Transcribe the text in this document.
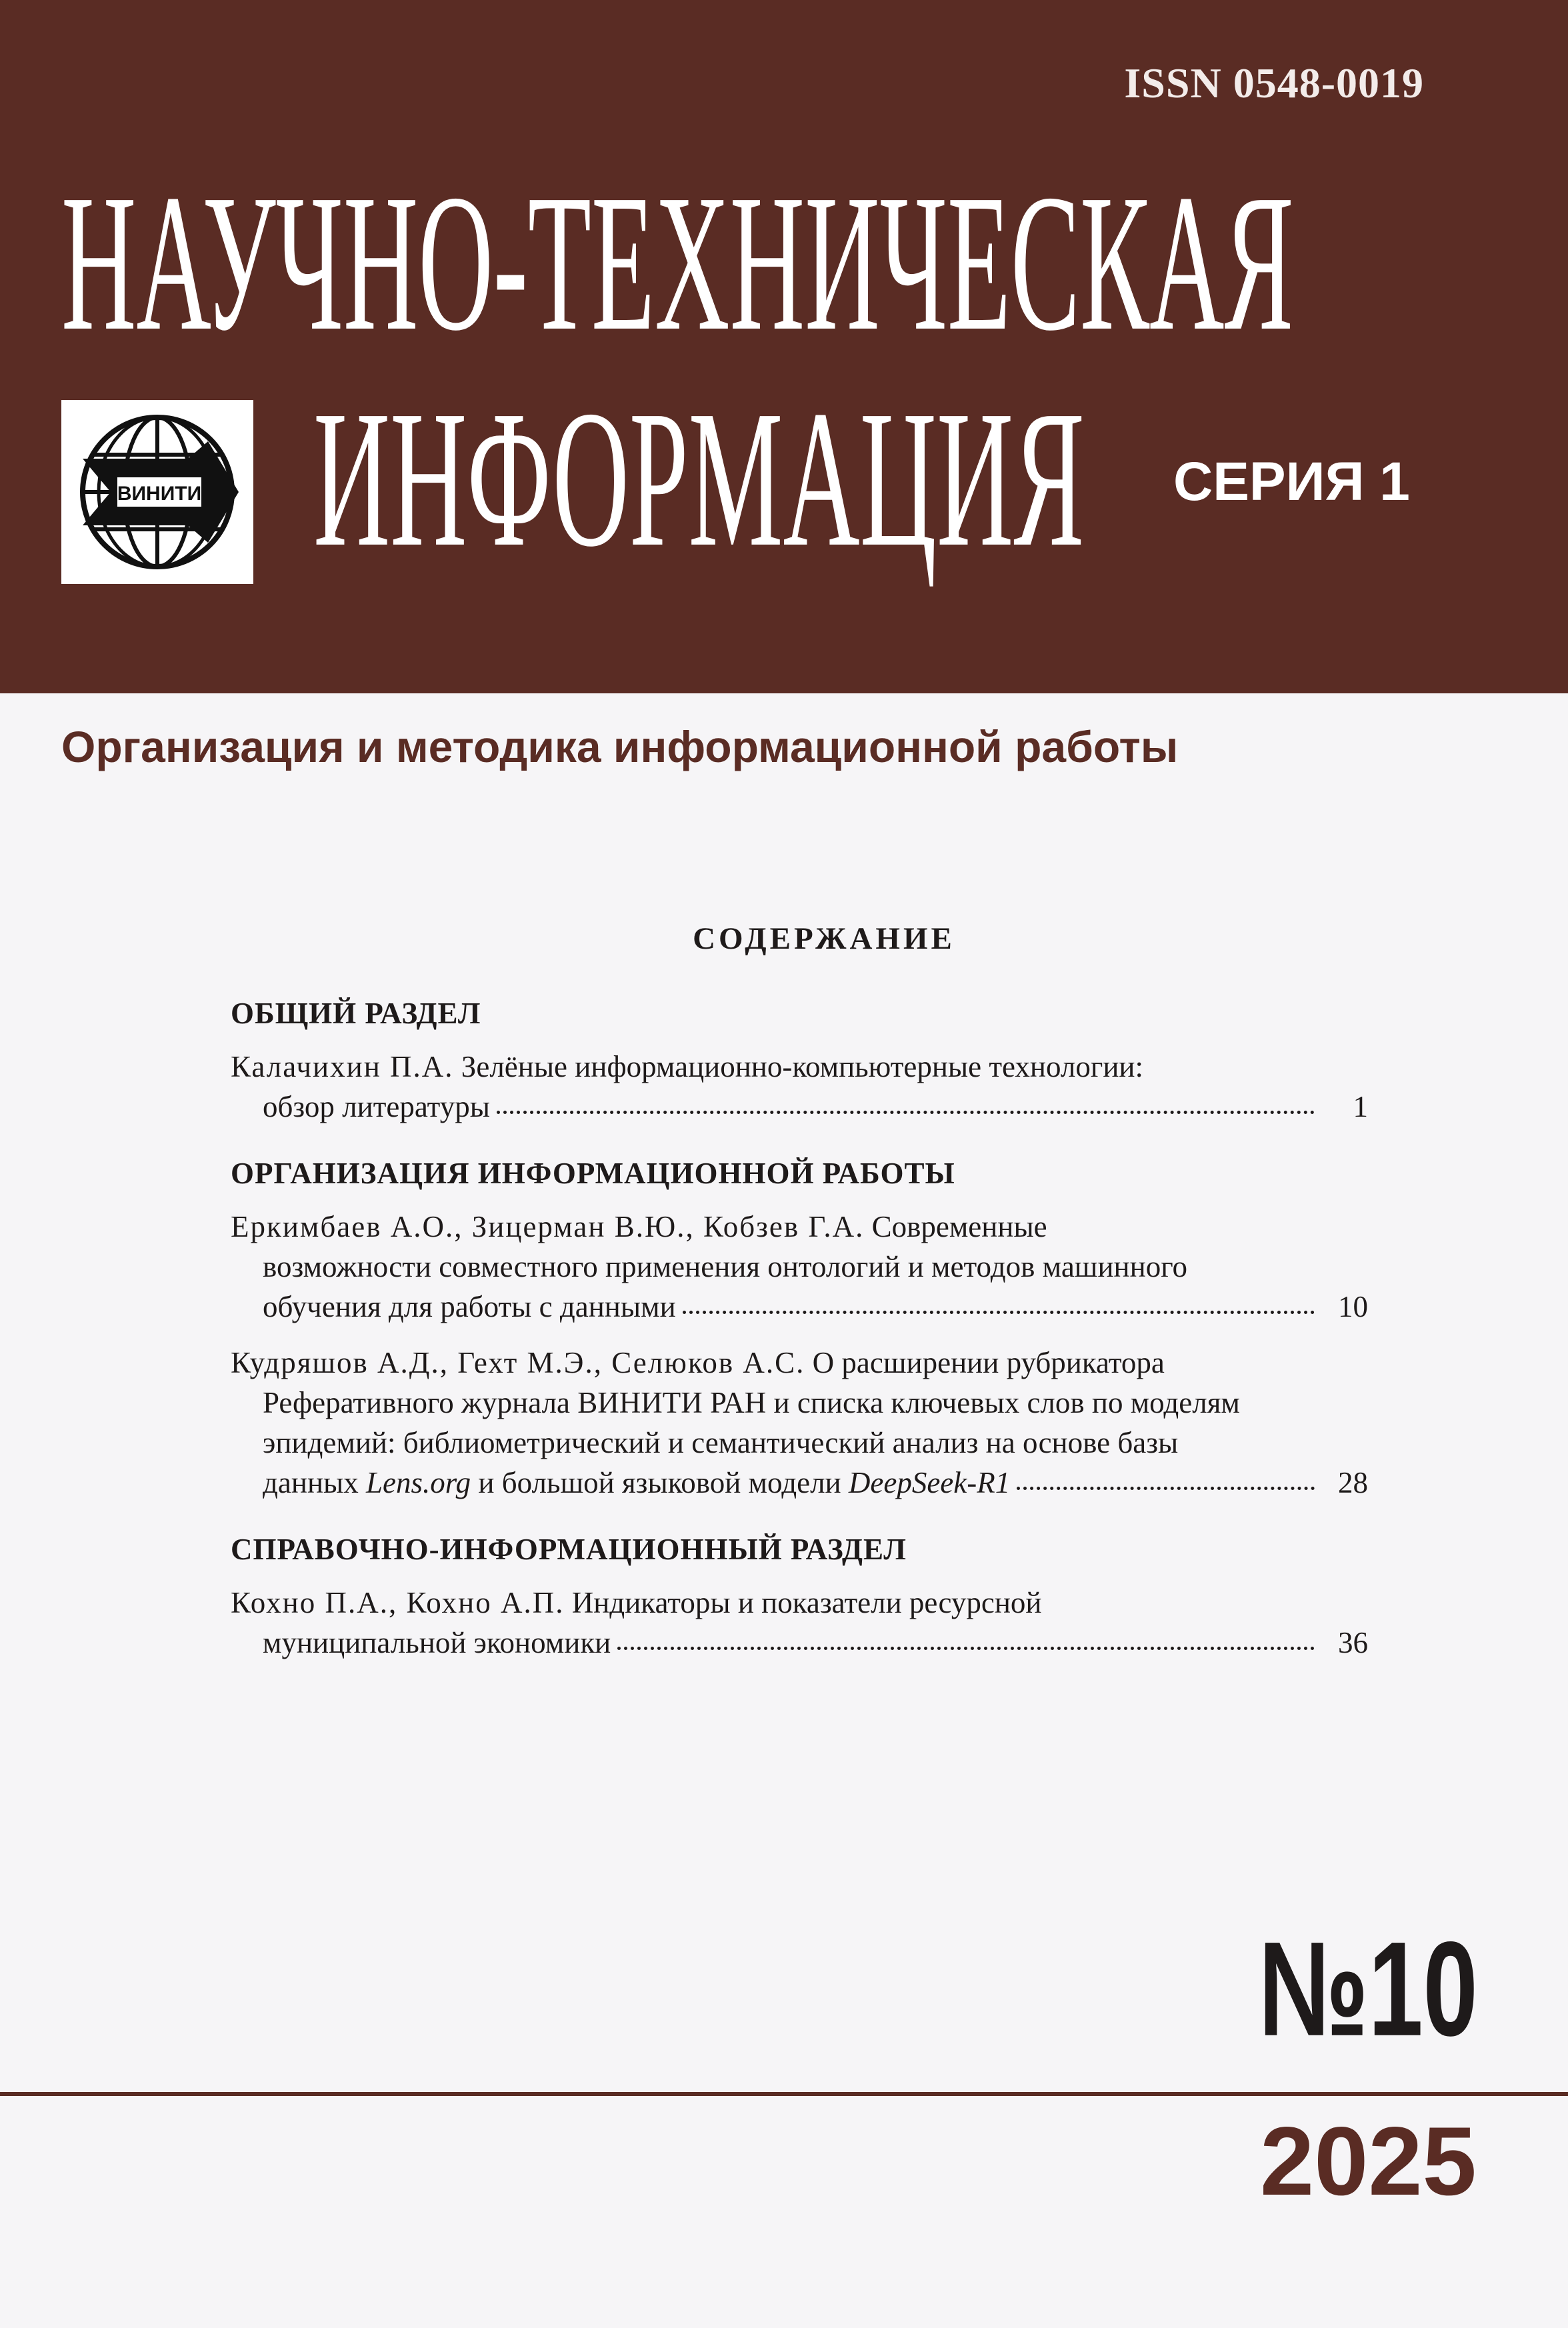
ISSN 0548-0019
НАУЧНО-ТЕХНИЧЕСКАЯ
ВИНИТИ ИНФОРМАЦИЯ СЕРИЯ 1
Организация и методика информационной работы
СОДЕРЖАНИЕ
ОБЩИЙ РАЗДЕЛ
Калачихин П.А. Зелёные информационно-компьютерные технологии:
обзор литературы	1
ОРГАНИЗАЦИЯ ИНФОРМАЦИОННОЙ РАБОТЫ
Еркимбаев А.О., Зицерман В.Ю., Кобзев Г.А. Современные
возможности совместного применения онтологий и методов машинного
обучения для работы с данными	10
Кудряшов А.Д., Гехт М.Э., Селюков А.С. О расширении рубрикатора
Реферативного журнала ВИНИТИ РАН и списка ключевых слов по моделям
эпидемий: библиометрический и семантический анализ на основе базы
данных Lens.org и большой языковой модели DeepSeek-R1	28
СПРАВОЧНО-ИНФОРМАЦИОННЫЙ РАЗДЕЛ
Кохно П.А., Кохно А.П. Индикаторы и показатели ресурсной
муниципальной экономики	36
№10
2025
